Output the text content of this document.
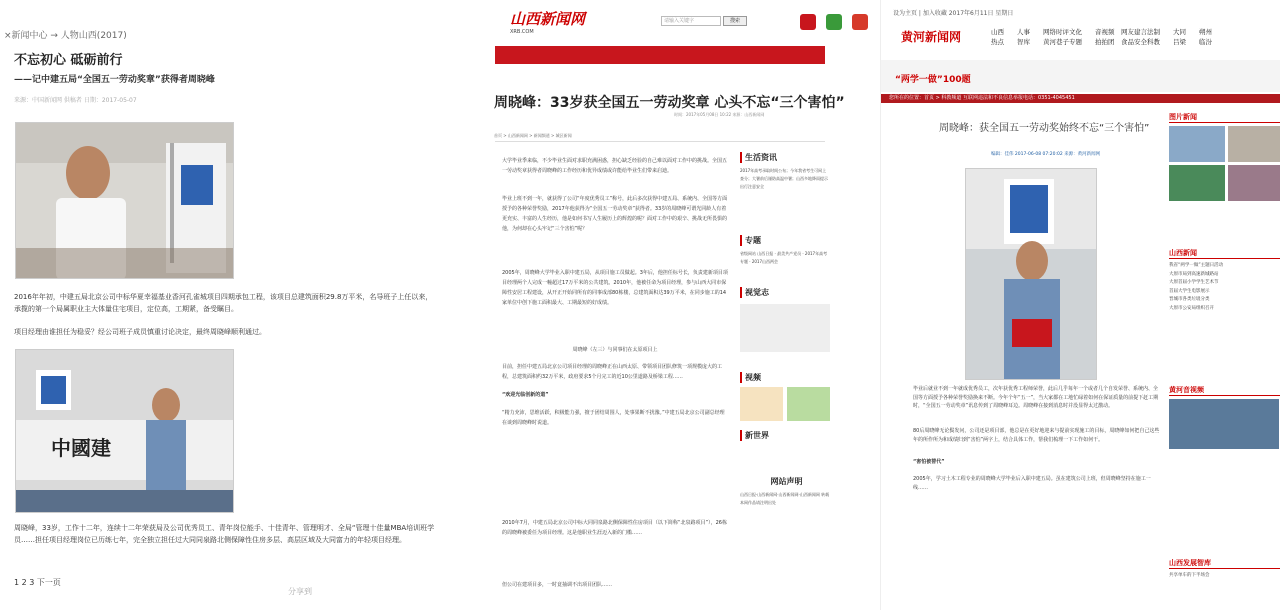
×新闻中心 → 人物山西(2017)
不忘初心 砥砺前行
——记中建五局“全国五一劳动奖章”获得者周晓峰
来源：中国新闻网 供稿者 日期：2017-05-07

2016年年初，中建五局北京公司中标华夏幸福基业香河孔雀城项目四期承包工程，该项目总建筑面积29.8万平米，名导班子上任以来，承揽的第一个局属职业主大体量住宅项目，定位高，工期紧，备受瞩目。

项目经理由谁担任为稳妥？经公司班子成员慎重讨论决定，最终周晓峰顺利通过。

中國建

周晓峰，33岁，工作十二年，连续十二年荣获局及公司优秀员工、青年岗位能手、十佳青年、管理明才、全局“管理十佳量MBA培训班学员……担任项目经理岗位已历练七年，完全独立担任过大同同泉路北侧保障性住房多层、高层区域及大同富力的年轻项目经理。

1 2 3 下一页
分享到
山西新闻网
XRB.COM
请输入关键字	搜索
周晓峰：33岁获全国五一劳动奖章 心头不忘“三个害怕”
时间：2017年05月08日 10:22 来源：山西新闻网
首页 > 山西新闻网 > 新闻频道 > 城区新闻

大学毕业季来临，不少毕业生面对求职充满困惑，担心缺乏经验的自己难以面对工作中的挑战。全国五一劳动奖章获得者周晓峰的工作经历和优异成绩或许能给毕业生们带来启迪。

毕业上班不到一年，就获得了公司“年度优秀员工”称号，此后多次获得中建五局、系统内、全国等方面授予的各种荣誉奖励，2017年他获得为“全国五一劳动奖章”获得者。33岁的周晓峰可谓光同龄人有着更充实、丰富的人生经历，他是如何书写人生履历上的辉煌的呢？面对工作中的艰辛、挑战无所畏惧的他，为何却在心头牢记“三个害怕”呢？

2005年，周晓峰大学毕业入职中建五局，从项目施工员做起。3年后，他担任标号长，负责建新项目项目经理两个人完成一幢超过17万平米的公共建筑。2010年，他被任命为项目经理，参与山西大同市保障性安居工程建设，从开正开始同所有的同事成部80栋楼，总建筑面积达39万平米，在同步施工的14家单位中创下施工面积最大、工期最短的好成绩。

周晓峰（左三）与同事们在太原项目上

目前，担任中建五局北京公司项目经理的周晓峰正在山西太原、带领项目团队修筑一项规模庞大的工程，总建筑面积约32万平米，政府要求5个月完工的近10公里道路及桥梁工程……

“欢迎光临创新的道”

“精力充沛，思维活跃，积极能力强，擅于团结周围人，处事果断不扰豫。”中建五局北京公司副总经理在谈到周晓峰时说道。

2010年7月，中建五局北京公司中标大同同泉路北侧保障性住房项目（以下简称“北泉路项目”），26栋的周晓峰被委任为项目经理。这是他职业生涯迈入新的门槛……

但公司在建项目多，一时竟抽调不出项目团队……

生活资讯
2017年高考录取时间公布；今年我省考生可网上查分；大暑前后谨防高温中暑；山西多地降雨提示出行注意安全
专题
省级网站 山西日报 · 最美共产党员 · 2017年高考专题 · 2017山西两会
视觉志
视频
新世界
网站声明
山西日报·山西新闻网·山西新闻网·山西新闻网 转载本网作品请注明出处
设为主页 | 加入收藏 2017年6月11日 星期日
黄河新闻网	山西	人事	网络时评 文化	音视频	网友建言 法制	大同	朔州
热点	智库	黄河巷子 专题	拍拍团	食品安全 科教	吕梁	临汾
“两学一做”100题
您所在的位置：首页 > 科教频道 互联网违法和不良信息举报电话：0351-4045451
周晓峰：获全国五一劳动奖始终不忘“三个害怕”
编辑：佳伟 2017-06-08 07:20:02 来源：黄河新闻网

毕业后就业不到一年就成优秀员工，次年获优秀工程师荣誉，此后几乎每年一个或者几个自发荣誉、系统内、全国等方面授予各种荣誉奖励换来不断。今年个年“五一”，当大家都在工地忙碌着如何在保证质量的前提下赶工期时，“全国五一劳动奖章”讯息传到了周晓峰耳边。周晓峰在接到消息时并没显得太过激动。

80后周晓峰无论鬓发问，公司还是项目部，他总是在更好地迎来与提前实现施工的目标，周晓峰如何把自己这些年的所作所为和成绩归到“害怕”两字上，结合具体工作，帮我们梳理一下工作如何干。

“害怕被替代”

2005年，学习土木工程专业的周晓峰大学毕业后入职中建五局。虽在建筑公司上班，但周晓峰坚持在施工一线……

图片新闻
山西新闻
我省“两学一做”主题日活动
大原市局到高速新城路站
大原首届小学学生艺术节
首届大学生电影展示
晋城市各类垃圾分类
大原市公安局组织召开
黄河音视频
山西发展智库
共享单车的下半场会
